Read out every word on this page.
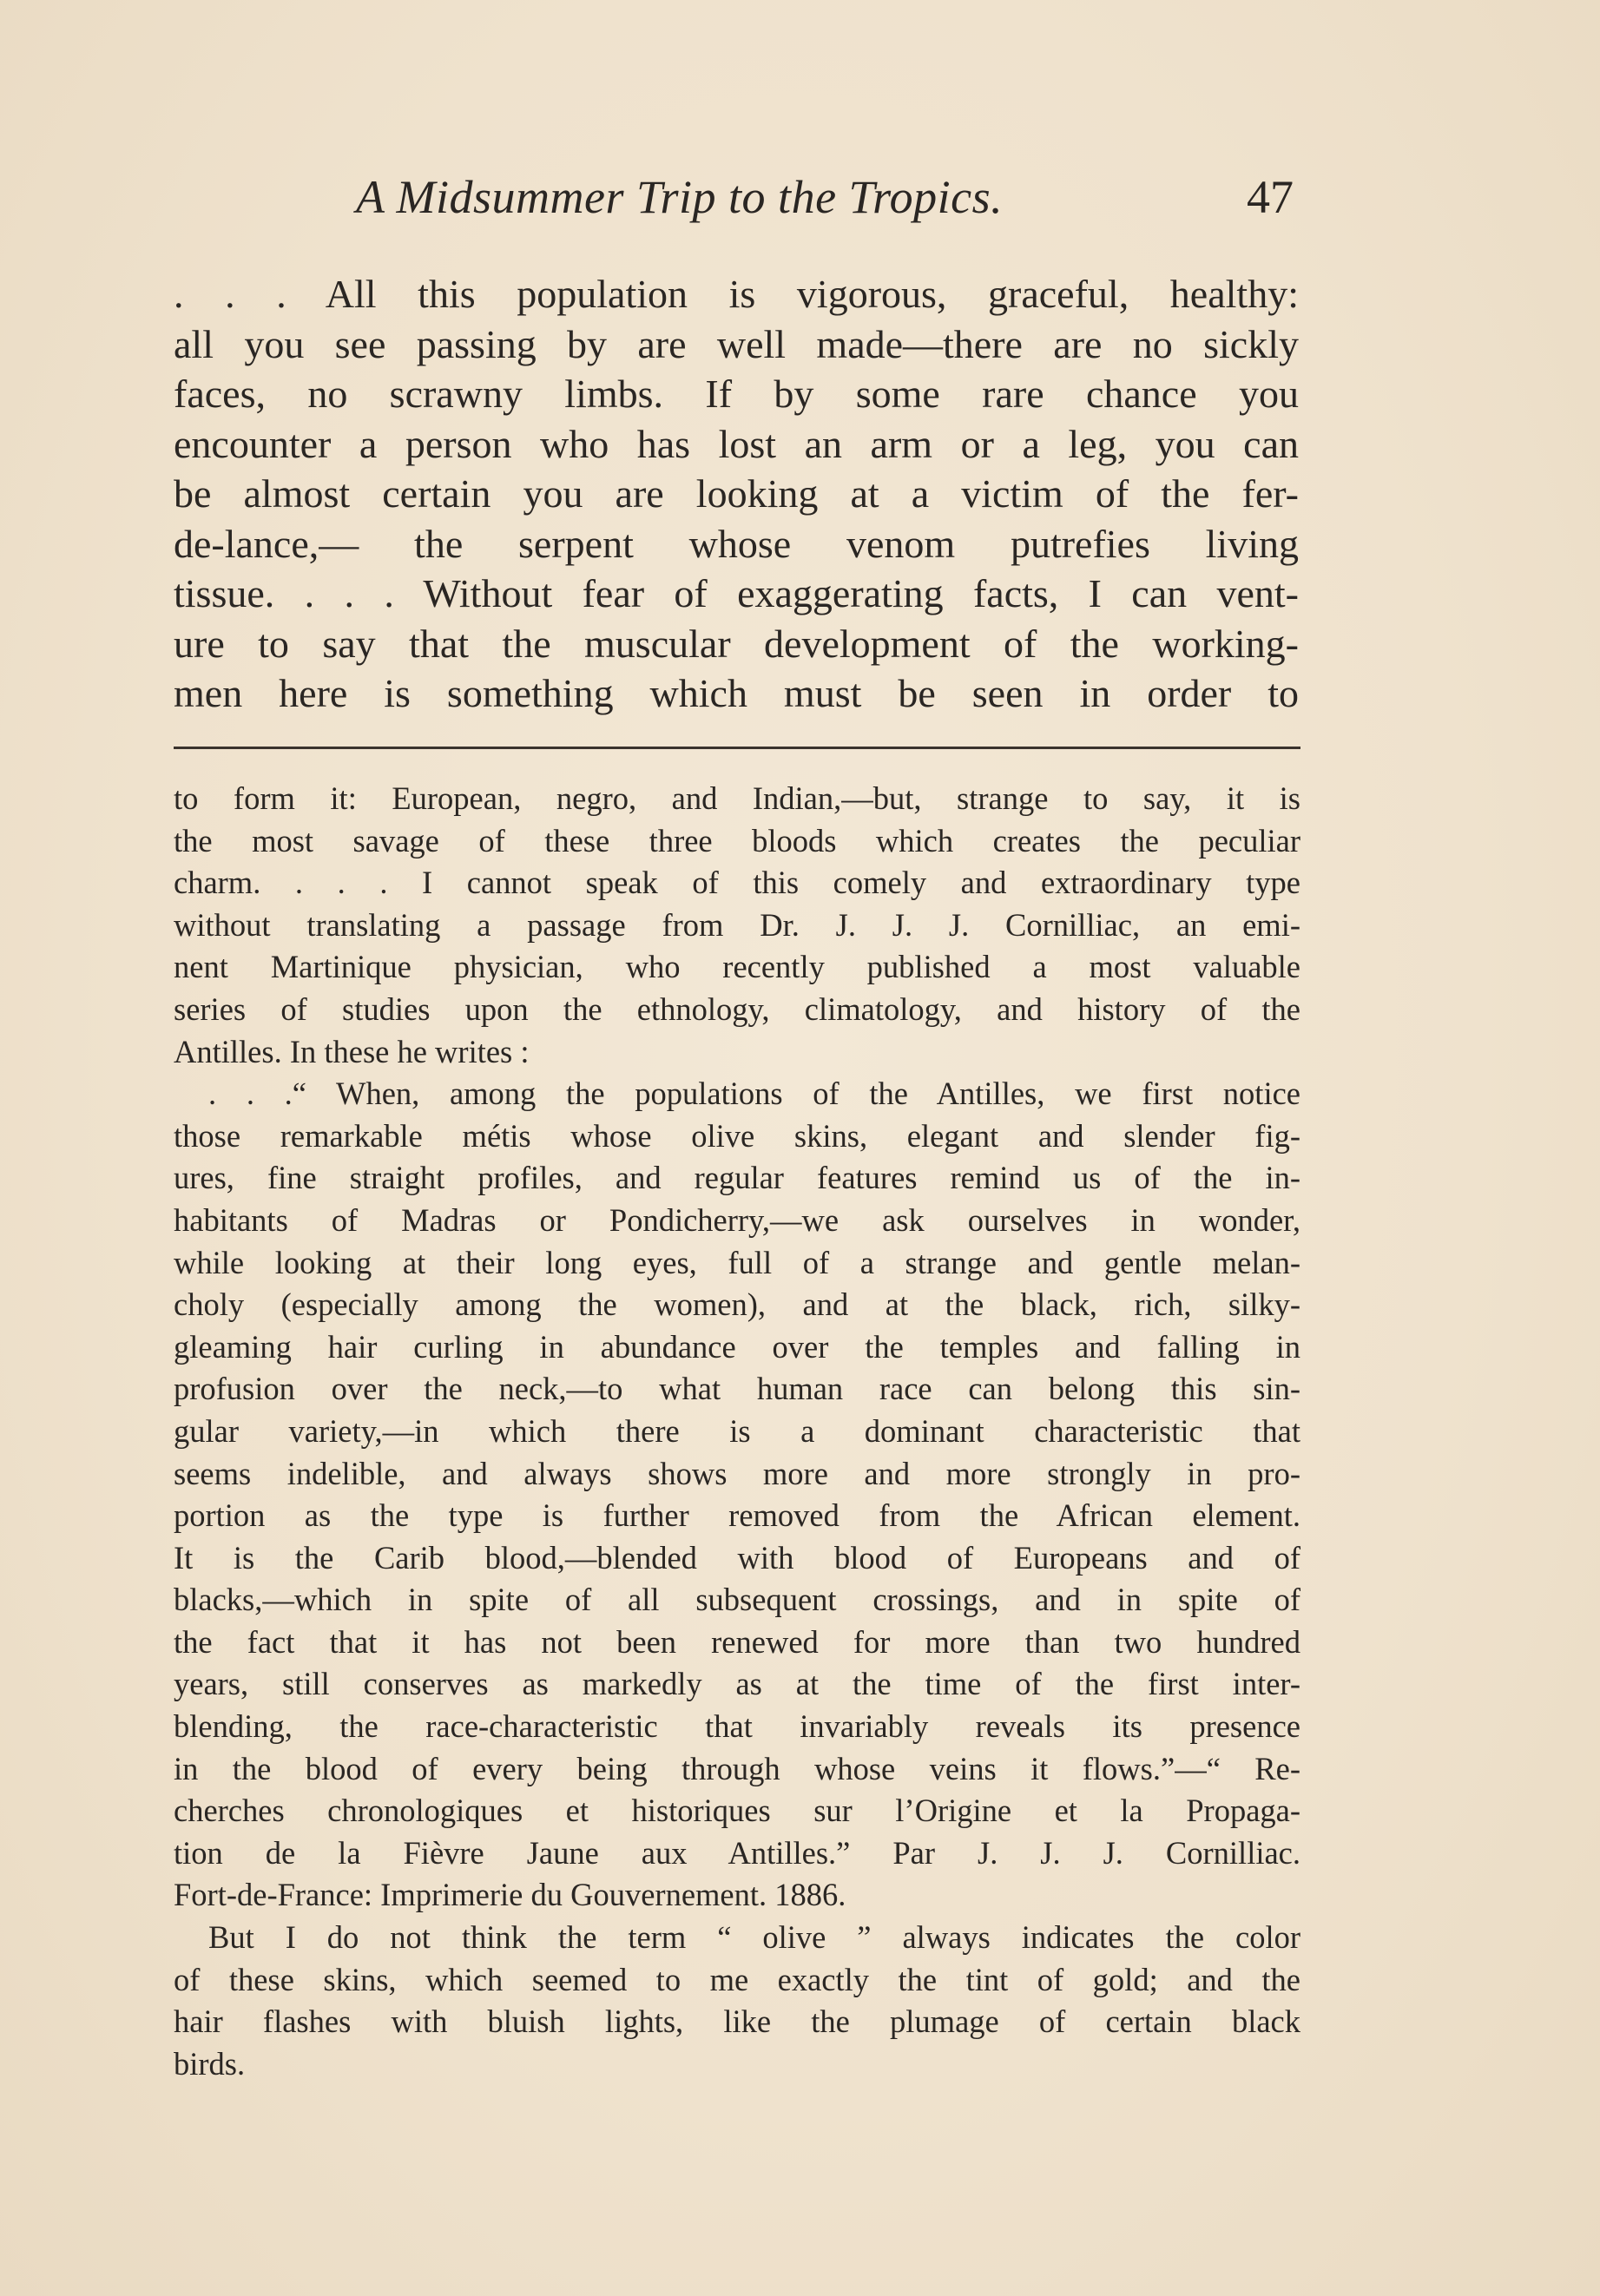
A Midsummer Trip to the Tropics.	47
. . . All this population is vigorous, graceful, healthy:
all you see passing by are well made—there are no sickly
faces, no scrawny limbs. If by some rare chance you
encounter a person who has lost an arm or a leg, you can
be almost certain you are looking at a victim of the fer-
de-lance,— the serpent whose venom putrefies living
tissue. . . . Without fear of exaggerating facts, I can vent-
ure to say that the muscular development of the working-
men here is something which must be seen in order to
to form it: European, negro, and Indian,—but, strange to say, it is
the most savage of these three bloods which creates the peculiar
charm. . . . I cannot speak of this comely and extraordinary type
without translating a passage from Dr. J. J. J. Cornilliac, an emi-
nent Martinique physician, who recently published a most valuable
series of studies upon the ethnology, climatology, and history of the
Antilles. In these he writes :
. . .“ When, among the populations of the Antilles, we first notice
those remarkable métis whose olive skins, elegant and slender fig-
ures, fine straight profiles, and regular features remind us of the in-
habitants of Madras or Pondicherry,—we ask ourselves in wonder,
while looking at their long eyes, full of a strange and gentle melan-
choly (especially among the women), and at the black, rich, silky-
gleaming hair curling in abundance over the temples and falling in
profusion over the neck,—to what human race can belong this sin-
gular variety,—in which there is a dominant characteristic that
seems indelible, and always shows more and more strongly in pro-
portion as the type is further removed from the African element.
It is the Carib blood,—blended with blood of Europeans and of
blacks,—which in spite of all subsequent crossings, and in spite of
the fact that it has not been renewed for more than two hundred
years, still conserves as markedly as at the time of the first inter-
blending, the race-characteristic that invariably reveals its presence
in the blood of every being through whose veins it flows.”—“ Re-
cherches chronologiques et historiques sur l’Origine et la Propaga-
tion de la Fièvre Jaune aux Antilles.” Par J. J. J. Cornilliac.
Fort-de-France: Imprimerie du Gouvernement. 1886.
But I do not think the term “ olive ” always indicates the color
of these skins, which seemed to me exactly the tint of gold; and the
hair flashes with bluish lights, like the plumage of certain black
birds.
